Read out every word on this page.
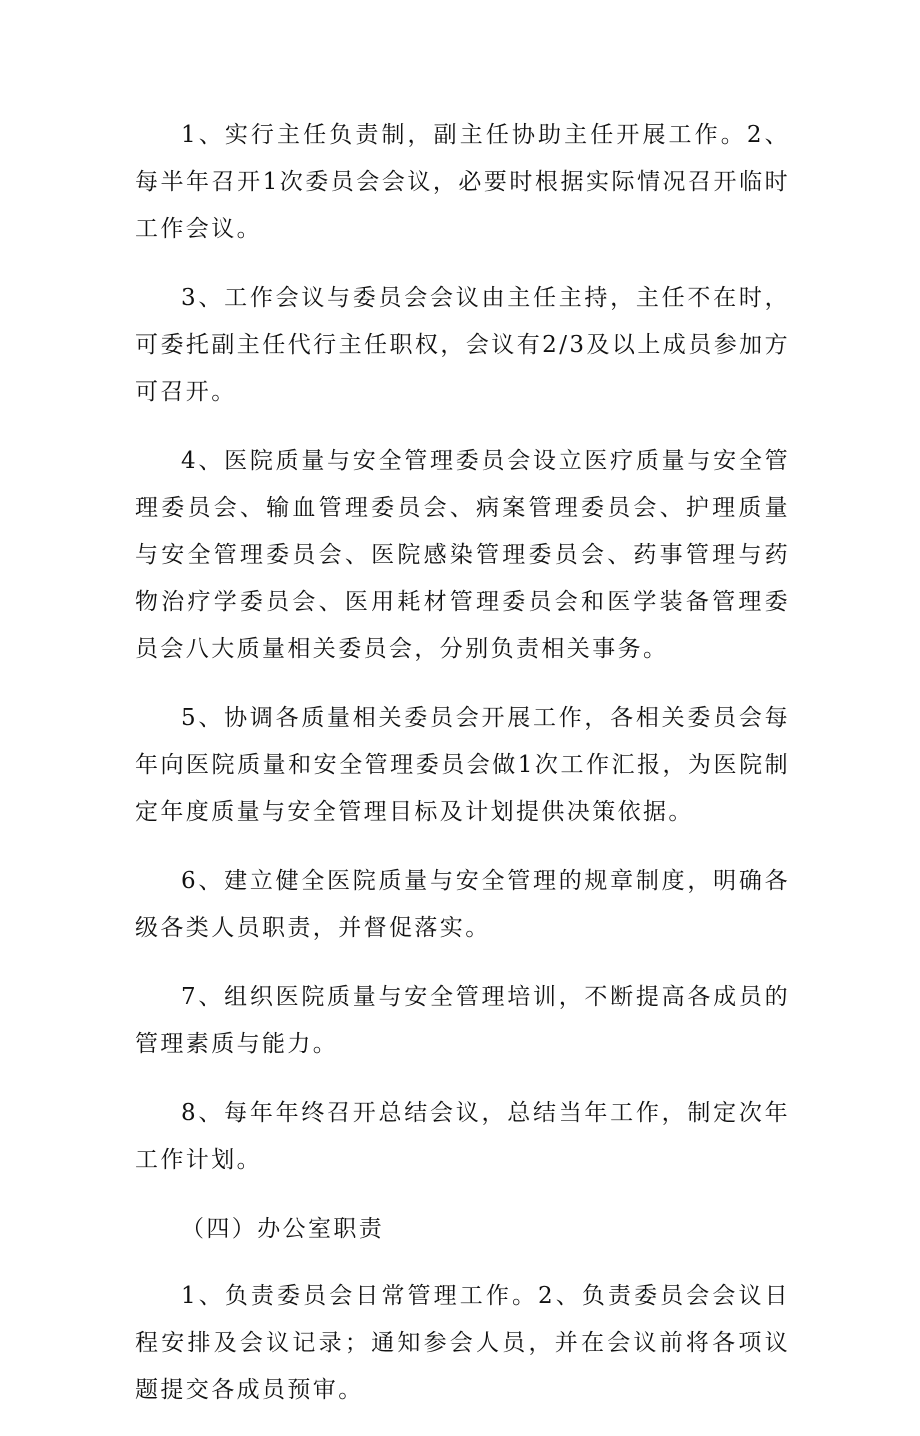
1、实行主任负责制，副主任协助主任开展工作。2、每半年召开1次委员会会议，必要时根据实际情况召开临时工作会议。

3、工作会议与委员会会议由主任主持，主任不在时，可委托副主任代行主任职权，会议有2/3及以上成员参加方可召开。

4、医院质量与安全管理委员会设立医疗质量与安全管理委员会、输血管理委员会、病案管理委员会、护理质量与安全管理委员会、医院感染管理委员会、药事管理与药物治疗学委员会、医用耗材管理委员会和医学装备管理委员会八大质量相关委员会，分别负责相关事务。

5、协调各质量相关委员会开展工作，各相关委员会每年向医院质量和安全管理委员会做1次工作汇报，为医院制定年度质量与安全管理目标及计划提供决策依据。

6、建立健全医院质量与安全管理的规章制度，明确各级各类人员职责，并督促落实。

7、组织医院质量与安全管理培训，不断提高各成员的管理素质与能力。

8、每年年终召开总结会议，总结当年工作，制定次年工作计划。

（四）办公室职责

1、负责委员会日常管理工作。2、负责委员会会议日程安排及会议记录；通知参会人员，并在会议前将各项议题提交各成员预审。
